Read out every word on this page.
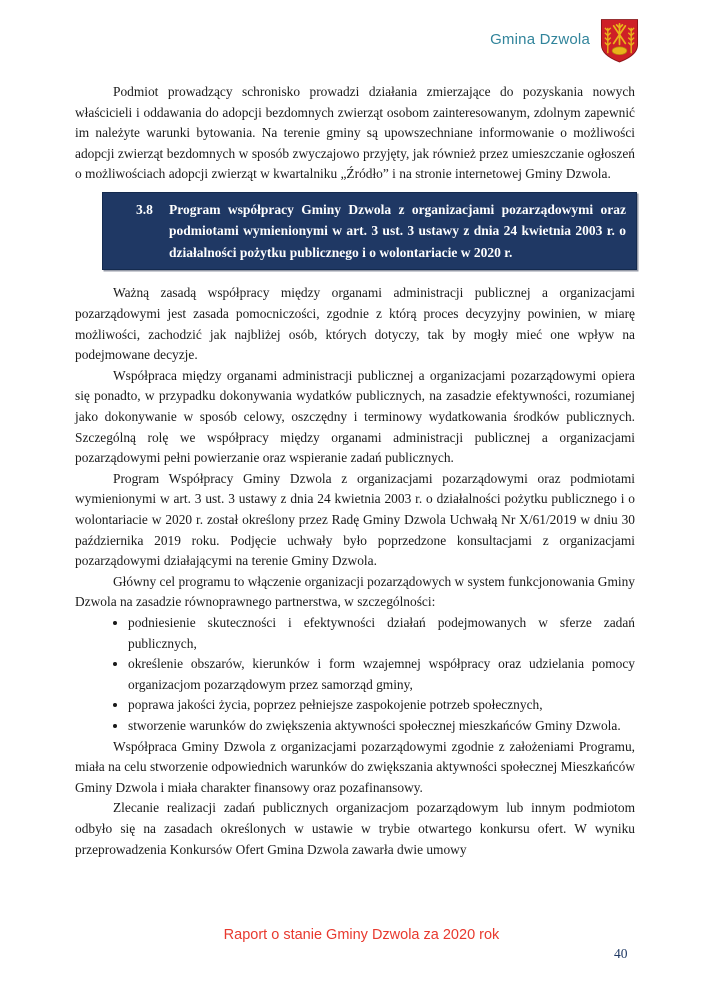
Gmina Dzwola

Podmiot prowadzący schronisko prowadzi działania zmierzające do pozyskania nowych właścicieli i oddawania do adopcji bezdomnych zwierząt osobom zainteresowanym, zdolnym zapewnić im należyte warunki bytowania. Na terenie gminy są upowszechniane informowanie o możliwości adopcji zwierząt bezdomnych w sposób zwyczajowo przyjęty, jak również przez umieszczanie ogłoszeń o możliwościach adopcji zwierząt w kwartalniku „Źródło” i na stronie internetowej Gminy Dzwola.

3.8	Program współpracy Gminy Dzwola z organizacjami pozarządowymi oraz podmiotami wymienionymi w art. 3 ust. 3 ustawy z dnia 24 kwietnia 2003 r. o działalności pożytku publicznego i o wolontariacie w 2020 r.

Ważną zasadą współpracy między organami administracji publicznej a organizacjami pozarządowymi jest zasada pomocniczości, zgodnie z którą proces decyzyjny powinien, w miarę możliwości, zachodzić jak najbliżej osób, których dotyczy, tak by mogły mieć one wpływ na podejmowane decyzje.

Współpraca między organami administracji publicznej a organizacjami pozarządowymi opiera się ponadto, w przypadku dokonywania wydatków publicznych, na zasadzie efektywności, rozumianej jako dokonywanie w sposób celowy, oszczędny i terminowy wydatkowania środków publicznych. Szczególną rolę we współpracy między organami administracji publicznej a organizacjami pozarządowymi pełni powierzanie oraz wspieranie zadań publicznych.

Program Współpracy Gminy Dzwola z organizacjami pozarządowymi oraz podmiotami wymienionymi w art. 3 ust. 3 ustawy z dnia 24 kwietnia 2003 r. o działalności pożytku publicznego i o wolontariacie w 2020 r. został określony przez Radę Gminy Dzwola Uchwałą Nr X/61/2019 w dniu 30 października 2019 roku. Podjęcie uchwały było poprzedzone konsultacjami z organizacjami pozarządowymi działającymi na terenie Gminy Dzwola.

Główny cel programu to włączenie organizacji pozarządowych w system funkcjonowania Gminy Dzwola na zasadzie równoprawnego partnerstwa, w szczególności:

• podniesienie skuteczności i efektywności działań podejmowanych w sferze zadań publicznych,
• określenie obszarów, kierunków i form wzajemnej współpracy oraz udzielania pomocy organizacjom pozarządowym przez samorząd gminy,
• poprawa jakości życia, poprzez pełniejsze zaspokojenie potrzeb społecznych,
• stworzenie warunków do zwiększenia aktywności społecznej mieszkańców Gminy Dzwola.

Współpraca Gminy Dzwola z organizacjami pozarządowymi zgodnie z założeniami Programu, miała na celu stworzenie odpowiednich warunków do zwiększania aktywności społecznej Mieszkańców Gminy Dzwola i miała charakter finansowy oraz pozafinansowy.

Zlecanie realizacji zadań publicznych organizacjom pozarządowym lub innym podmiotom odbyło się na zasadach określonych w ustawie w trybie otwartego konkursu ofert. W wyniku przeprowadzenia Konkursów Ofert Gmina Dzwola zawarła dwie umowy

Raport o stanie Gminy Dzwola za 2020 rok
40
